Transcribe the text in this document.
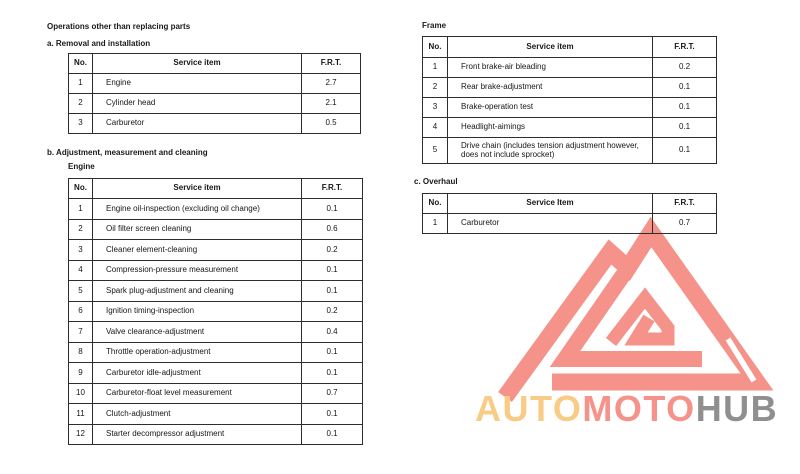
AUTOMOTOHUB
Operations other than replacing parts
a. Removal and installation
b. Adjustment, measurement and cleaning
Engine
Frame
c. Overhaul
No.	Service item	F.R.T.
1	Engine	2.7
2	Cylinder head	2.1
3	Carburetor	0.5
No.	Service item	F.R.T.
1	Engine oil-inspection (excluding oil change)	0.1
2	Oil filter screen cleaning	0.6
3	Cleaner element-cleaning	0.2
4	Compression-pressure measurement	0.1
5	Spark plug-adjustment and cleaning	0.1
6	Ignition timing-inspection	0.2
7	Valve clearance-adjustment	0.4
8	Throttle operation-adjustment	0.1
9	Carburetor idle-adjustment	0.1
10	Carburetor-float level measurement	0.7
11	Clutch-adjustment	0.1
12	Starter decompressor adjustment	0.1
No.	Service item	F.R.T.
1	Front brake-air bleading	0.2
2	Rear brake-adjustment	0.1
3	Brake-operation test	0.1
4	Headlight-aimings	0.1
5	Drive chain (includes tension adjustment however, does not include sprocket)	0.1
No.	Service Item	F.R.T.
1	Carburetor	0.7
